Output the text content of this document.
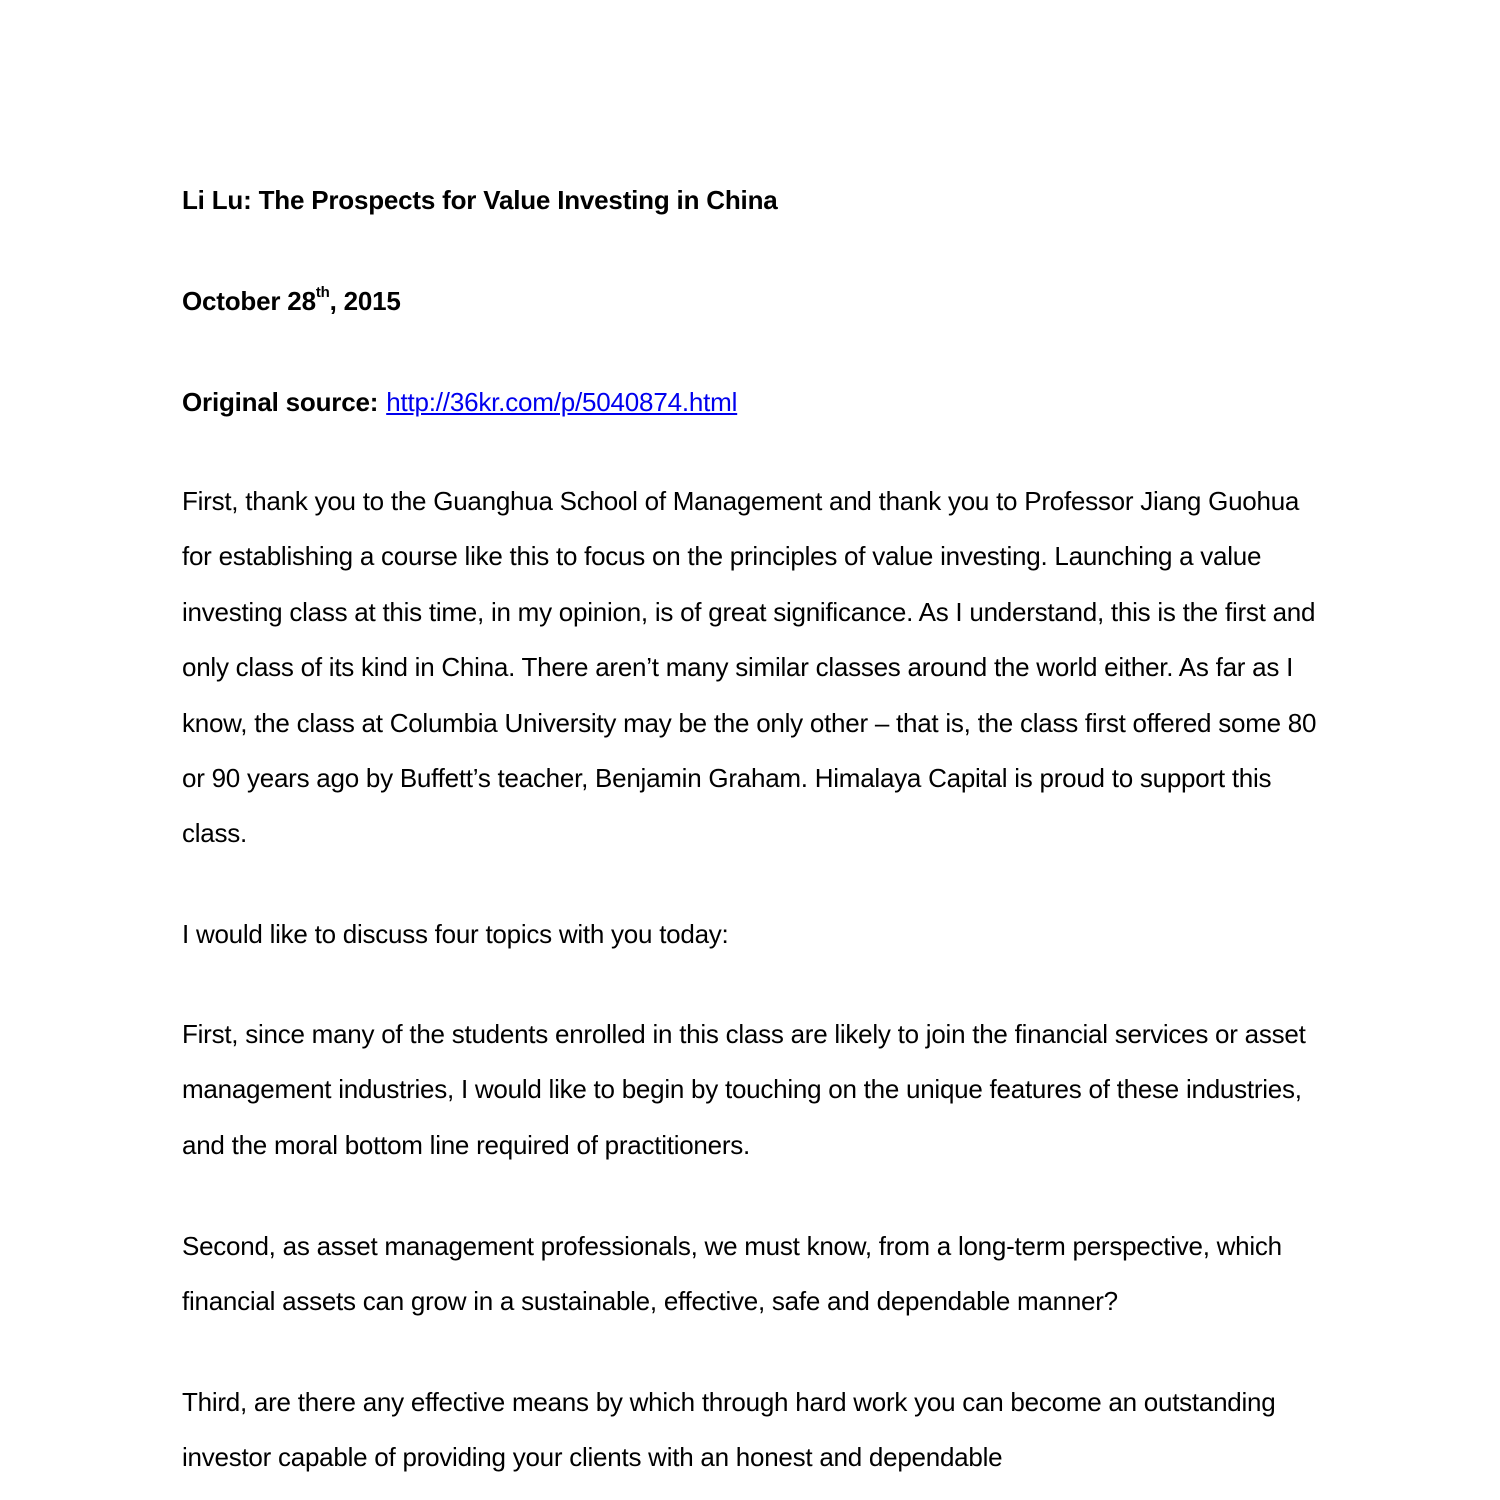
Li Lu: The Prospects for Value Investing in China
October 28th, 2015
Original source: http://36kr.com/p/5040874.html

First, thank you to the Guanghua School of Management and thank you to Professor Jiang Guohua for establishing a course like this to focus on the principles of value investing. Launching a value investing class at this time, in my opinion, is of great significance. As I understand, this is the first and only class of its kind in China. There aren’t many similar classes around the world either. As far as I know, the class at Columbia University may be the only other – that is, the class first offered some 80 or 90 years ago by Buffett’s teacher, Benjamin Graham. Himalaya Capital is proud to support this class.

I would like to discuss four topics with you today:

First, since many of the students enrolled in this class are likely to join the financial services or asset management industries, I would like to begin by touching on the unique features of these industries, and the moral bottom line required of practitioners.

Second, as asset management professionals, we must know, from a long-term perspective, which financial assets can grow in a sustainable, effective, safe and dependable manner?

Third, are there any effective means by which through hard work you can become an outstanding investor capable of providing your clients with an honest and dependable
